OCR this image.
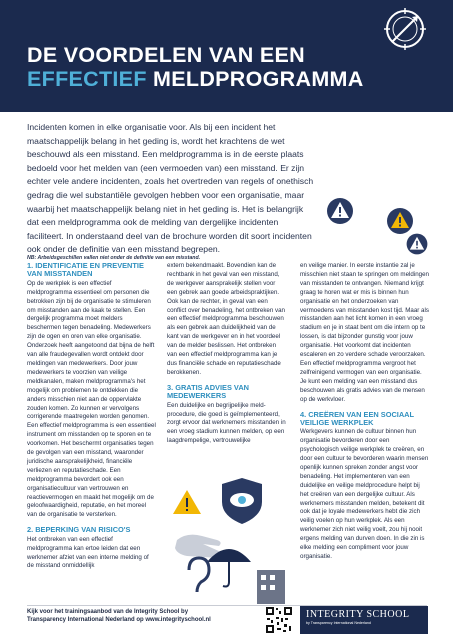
DE VOORDELEN VAN EEN
EFFECTIEF MELDPROGRAMMA
Incidenten komen in elke organisatie voor. Als bij een incident het maatschappelijk belang in het geding is, wordt het krachtens de wet beschouwd als een misstand. Een meldprogramma is in de eerste plaats bedoeld voor het melden van (een vermoeden van) een misstand. Er zijn echter vele andere incidenten, zoals het overtreden van regels of onethisch gedrag die wel substantiële gevolgen hebben voor een organisatie, maar waarbij het maatschappelijk belang niet in het geding is. Het is belangrijk dat een meldprogramma ook de melding van dergelijke incidenten faciliteert. In onderstaand deel van de brochure worden dit soort incidenten ook onder de definitie van een misstand begrepen.
NB: Arbeidsgeschillen vallen niet onder de definitie van een misstand.
1. IDENTIFICATIE EN PREVENTIE VAN MISSTANDEN

Op de werkplek is een effectief meldprogramma essentieel om personen die betrokken zijn bij de organisatie te stimuleren om misstanden aan de kaak te stellen. Een dergelijk programma moet melders beschermen tegen benadeling. Medewerkers zijn de ogen en oren van elke organisatie. Onderzoek heeft aangetoond dat bijna de helft van alle fraudegevallen wordt ontdekt door meldingen van medewerkers. Door jouw medewerkers te voorzien van veilige meldkanalen, maken meldprogramma's het mogelijk om problemen te ontdekken die anders misschien niet aan de oppervlakte zouden komen. Zo kunnen er vervolgens corrigerende maatregelen worden genomen. Een effectief meldprogramma is een essentieel instrument om misstanden op te sporen en te voorkomen. Het beschermt organisaties tegen de gevolgen van een misstand, waaronder juridische aansprakelijkheid, financiële verliezen en reputatieschade. Een meldprogramma bevordert ook een organisatiecultuur van vertrouwen en reactievermogen en maakt het mogelijk om de geloofwaardigheid, reputatie, en het moreel van de organisatie te versterken.

2. BEPERKING VAN RISICO'S

Het ontbreken van een effectief meldprogramma kan ertoe leiden dat een werknemer afziet van een interne melding of de misstand onmiddellijk

extern bekendmaakt. Bovendien kan de rechtbank in het geval van een misstand, de werkgever aansprakelijk stellen voor een gebrek aan goede arbeidspraktijken. Ook kan de rechter, in geval van een conflict over benadeling, het ontbreken van een effectief meldprogramma beschouwen als een gebrek aan duidelijkheid van de kant van de werkgever en in het voordeel van de melder beslissen. Het ontbreken van een effectief meldprogramma kan je dus financiële schade en reputatieschade berokkenen.

3. GRATIS ADVIES VAN MEDEWERKERS

Een duidelijke en begrijpelijke meld-procedure, die goed is geïmplementeerd, zorgt ervoor dat werknemers misstanden in een vroeg stadium kunnen melden, op een laagdrempelige, vertrouwelijke

en veilige manier. In eerste instantie zal je misschien niet staan te springen om meldingen van misstanden te ontvangen. Niemand krijgt graag te horen wat er mis is binnen hun organisatie en het onderzoeken van vermoedens van misstanden kost tijd. Maar als misstanden aan het licht komen in een vroeg stadium en je in staat bent om die intern op te lossen, is dat bijzonder gunstig voor jouw organisatie. Het voorkomt dat incidenten escaleren en zo verdere schade veroorzaken. Een effectief meldprogramma vergroot het zelfreinigend vermogen van een organisatie. Je kunt een melding van een misstand dus beschouwen als gratis advies van de mensen op de werkvloer.

4. CREËREN VAN EEN SOCIAAL VEILIGE WERKPLEK

Werkgevers kunnen de cultuur binnen hun organisatie bevorderen door een psychologisch veilige werkplek te creëren, en door een cultuur te bevorderen waarin mensen openlijk kunnen spreken zonder angst voor benadeling. Het implementeren van een duidelijke en veilige meldprocedure helpt bij het creëren van een dergelijke cultuur. Als werknemers misstanden melden, betekent dit ook dat je loyale medewerkers hebt die zich veilig voelen op hun werkplek. Als een werknemer zich niet veilig voelt, zou hij nooit ergens melding van durven doen. In die zin is elke melding een compliment voor jouw organisatie.

Kijk voor het trainingsaanbod van de Integrity School by
Transparency International Nederland op www.integrityschool.nl	INTEGRITY SCHOOL
by Transparency International Nederland
